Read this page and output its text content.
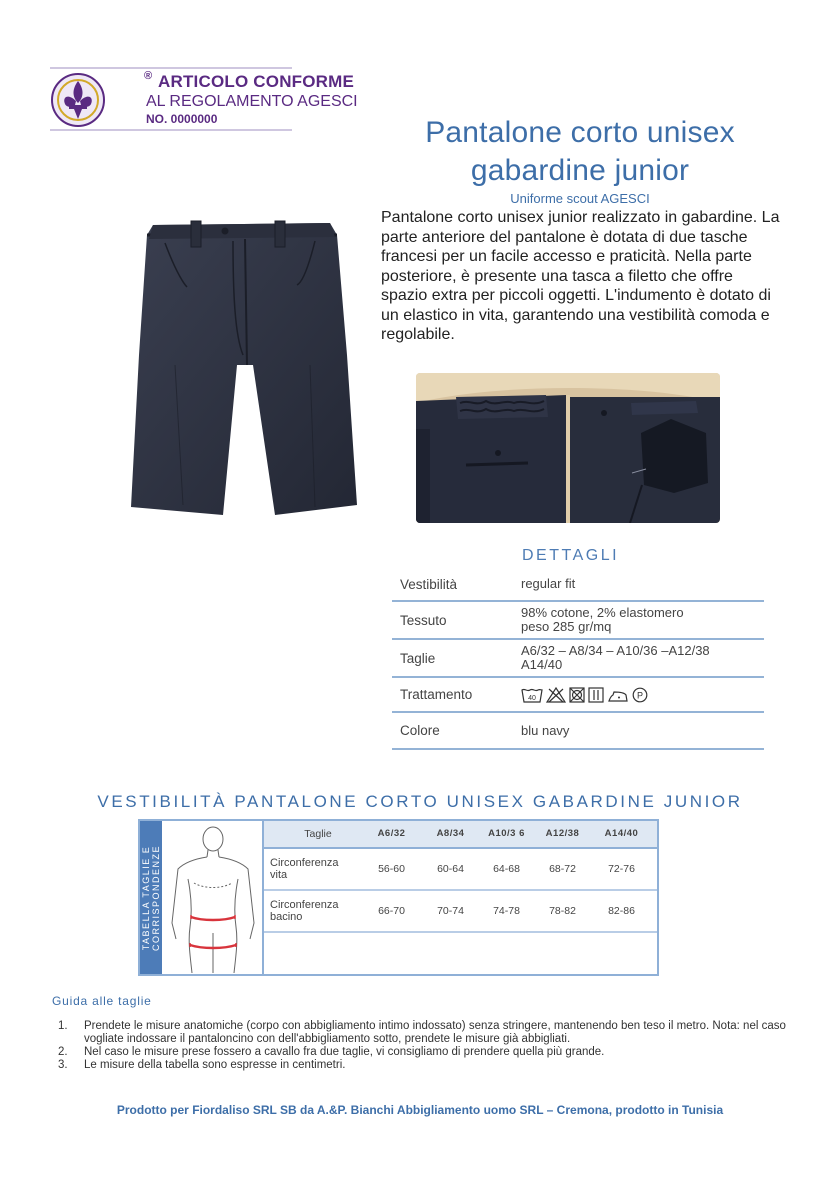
® ARTICOLO CONFORME
AL REGOLAMENTO AGESCI
NO. 0000000	Pantalone corto unisex gabardine junior
Uniforme scout AGESCI

Pantalone corto unisex junior realizzato in gabardine. La parte anteriore del pantalone è dotata di due tasche francesi per un facile accesso e praticità. Nella parte posteriore, è presente una tasca a filetto che offre spazio extra per piccoli oggetti. L'indumento è dotato di un elastico in vita, garantendo una vestibilità comoda e regolabile.

DETTAGLI
Vestibilità	regular fit
Tessuto	98% cotone, 2% elastomero
peso 285 gr/mq
Taglie	A6/32 – A8/34 – A10/36 –A12/38
A14/40
Trattamento	40	P
Colore	blu navy
VESTIBILITÀ PANTALONE CORTO UNISEX GABARDINE JUNIOR
TABELLA TAGLIE E CORRISPONDENZE
Taglie	A6/32	A8/34	A10/3 6	A12/38	A14/40
Circonferenza
vita	56-60	60-64	64-68	68-72	72-76
Circonferenza
bacino	66-70	70-74	74-78	78-82	82-86
Guida alle taglie
1. Prendete le misure anatomiche (corpo con abbigliamento intimo indossato) senza stringere, mantenendo ben teso il metro. Nota: nel caso vogliate indossare il pantaloncino con dell'abbigliamento sotto, prendete le misure già abbigliati.
2. Nel caso le misure prese fossero a cavallo fra due taglie, vi consigliamo di prendere quella più grande.
3. Le misure della tabella sono espresse in centimetri.
Prodotto per Fiordaliso SRL SB da A.&P. Bianchi Abbigliamento uomo SRL – Cremona, prodotto in Tunisia
